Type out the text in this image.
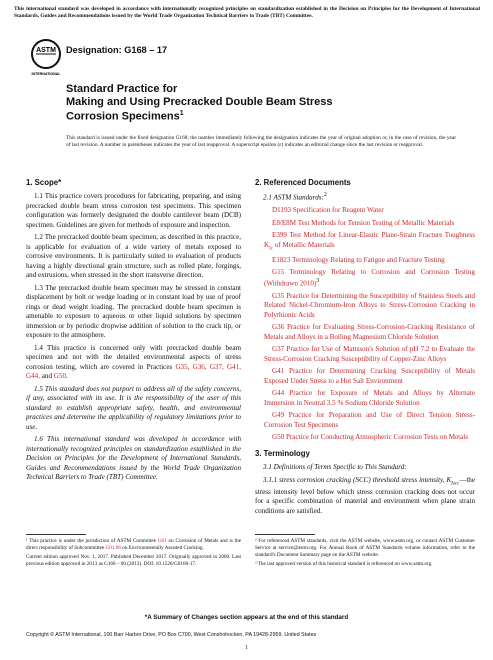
This international standard was developed in accordance with internationally recognized principles on standardization established in the Decision on Principles for the Development of International Standards, Guides and Recommendations issued by the World Trade Organization Technical Barriers to Trade (TBT) Committee.
ASTM
INTERNATIONAL
Designation: G168 – 17
Standard Practice for
Making and Using Precracked Double Beam Stress
Corrosion Specimens$^1$
This standard is issued under the fixed designation G168; the number immediately following the designation indicates the year of original adoption or, in the case of revision, the year of last revision. A number in parentheses indicates the year of last reapproval. A superscript epsilon (ε) indicates an editorial change since the last revision or reapproval.
1. Scope*

1.1 This practice covers procedures for fabricating, preparing, and using precracked double beam stress corrosion test specimens. This specimen configuration was formerly designated the double cantilever beam (DCB) specimen. Guidelines are given for methods of exposure and inspection.

1.2 The precracked double beam specimen, as described in this practice, is applicable for evaluation of a wide variety of metals exposed to corrosive environments. It is particularly suited to evaluation of products having a highly directional grain structure, such as rolled plate, forgings, and extrusions, when stressed in the short transverse direction.

1.3 The precracked double beam specimen may be stressed in constant displacement by bolt or wedge loading or in constant load by use of proof rings or dead weight loading. The precracked double beam specimen is amenable to exposure to aqueous or other liquid solutions by specimen immersion or by periodic dropwise addition of solution to the crack tip, or exposure to the atmosphere.

1.4 This practice is concerned only with precracked double beam specimen and not with the detailed environmental aspects of stress corrosion testing, which are covered in Practices G35, G36, G37, G41, G44, and G50.

1.5 This standard does not purport to address all of the safety concerns, if any, associated with its use. It is the responsibility of the user of this standard to establish appropriate safety, health, and environmental practices and determine the applicability of regulatory limitations prior to use.

1.6 This international standard was developed in accordance with internationally recognized principles on standardization established in the Decision on Principles for the Development of International Standards, Guides and Recommendations issued by the World Trade Organization Technical Barriers to Trade (TBT) Committee.

2. Referenced Documents

2.1 ASTM Standards:$^2$

D1193 Specification for Reagent Water

E8/E8M Test Methods for Tension Testing of Metallic Materials

E399 Test Method for Linear-Elastic Plane-Strain Fracture Toughness $K_{Ic}$ of Metallic Materials

E1823 Terminology Relating to Fatigue and Fracture Testing

G15 Terminology Relating to Corrosion and Corrosion Testing (Withdrawn 2010)$^3$

G35 Practice for Determining the Susceptibility of Stainless Steels and Related Nickel-Chromium-Iron Alloys to Stress-Corrosion Cracking in Polythionic Acids

G36 Practice for Evaluating Stress-Corrosion-Cracking Resistance of Metals and Alloys in a Boiling Magnesium Chloride Solution

G37 Practice for Use of Mattsson's Solution of pH 7.2 to Evaluate the Stress-Corrosion Cracking Susceptibility of Copper-Zinc Alloys

G41 Practice for Determining Cracking Susceptibility of Metals Exposed Under Stress to a Hot Salt Environment

G44 Practice for Exposure of Metals and Alloys by Alternate Immersion in Neutral 3.5 % Sodium Chloride Solution

G49 Practice for Preparation and Use of Direct Tension Stress-Corrosion Test Specimens

G50 Practice for Conducting Atmospheric Corrosion Tests on Metals

3. Terminology

3.1 Definitions of Terms Specific to This Standard:

3.1.1 stress corrosion cracking (SCC) threshold stress intensity, $K_{Iscc}—the$ stress intensity level below which stress corrosion cracking does not occur for a specific combination of material and environment when plane strain conditions are satisfied.

¹ This practice is under the jurisdiction of ASTM Committee G01 on Corrosion of Metals and is the direct responsibility of Subcommittee G01.06 on Environmentally Assisted Cracking.

Current edition approved Nov. 1, 2017. Published December 2017. Originally approved in 2000. Last previous edition approved in 2013 as G168 – 00 (2013). DOI: 10.1520/G0168-17.

² For referenced ASTM standards, visit the ASTM website, www.astm.org, or contact ASTM Customer Service at service@astm.org. For Annual Book of ASTM Standards volume information, refer to the standard's Document Summary page on the ASTM website.

³ The last approved version of this historical standard is referenced on www.astm.org.

*A Summary of Changes section appears at the end of this standard
Copyright © ASTM International, 100 Barr Harbor Drive, PO Box C700, West Conshohocken, PA 19428-2959. United States
1
